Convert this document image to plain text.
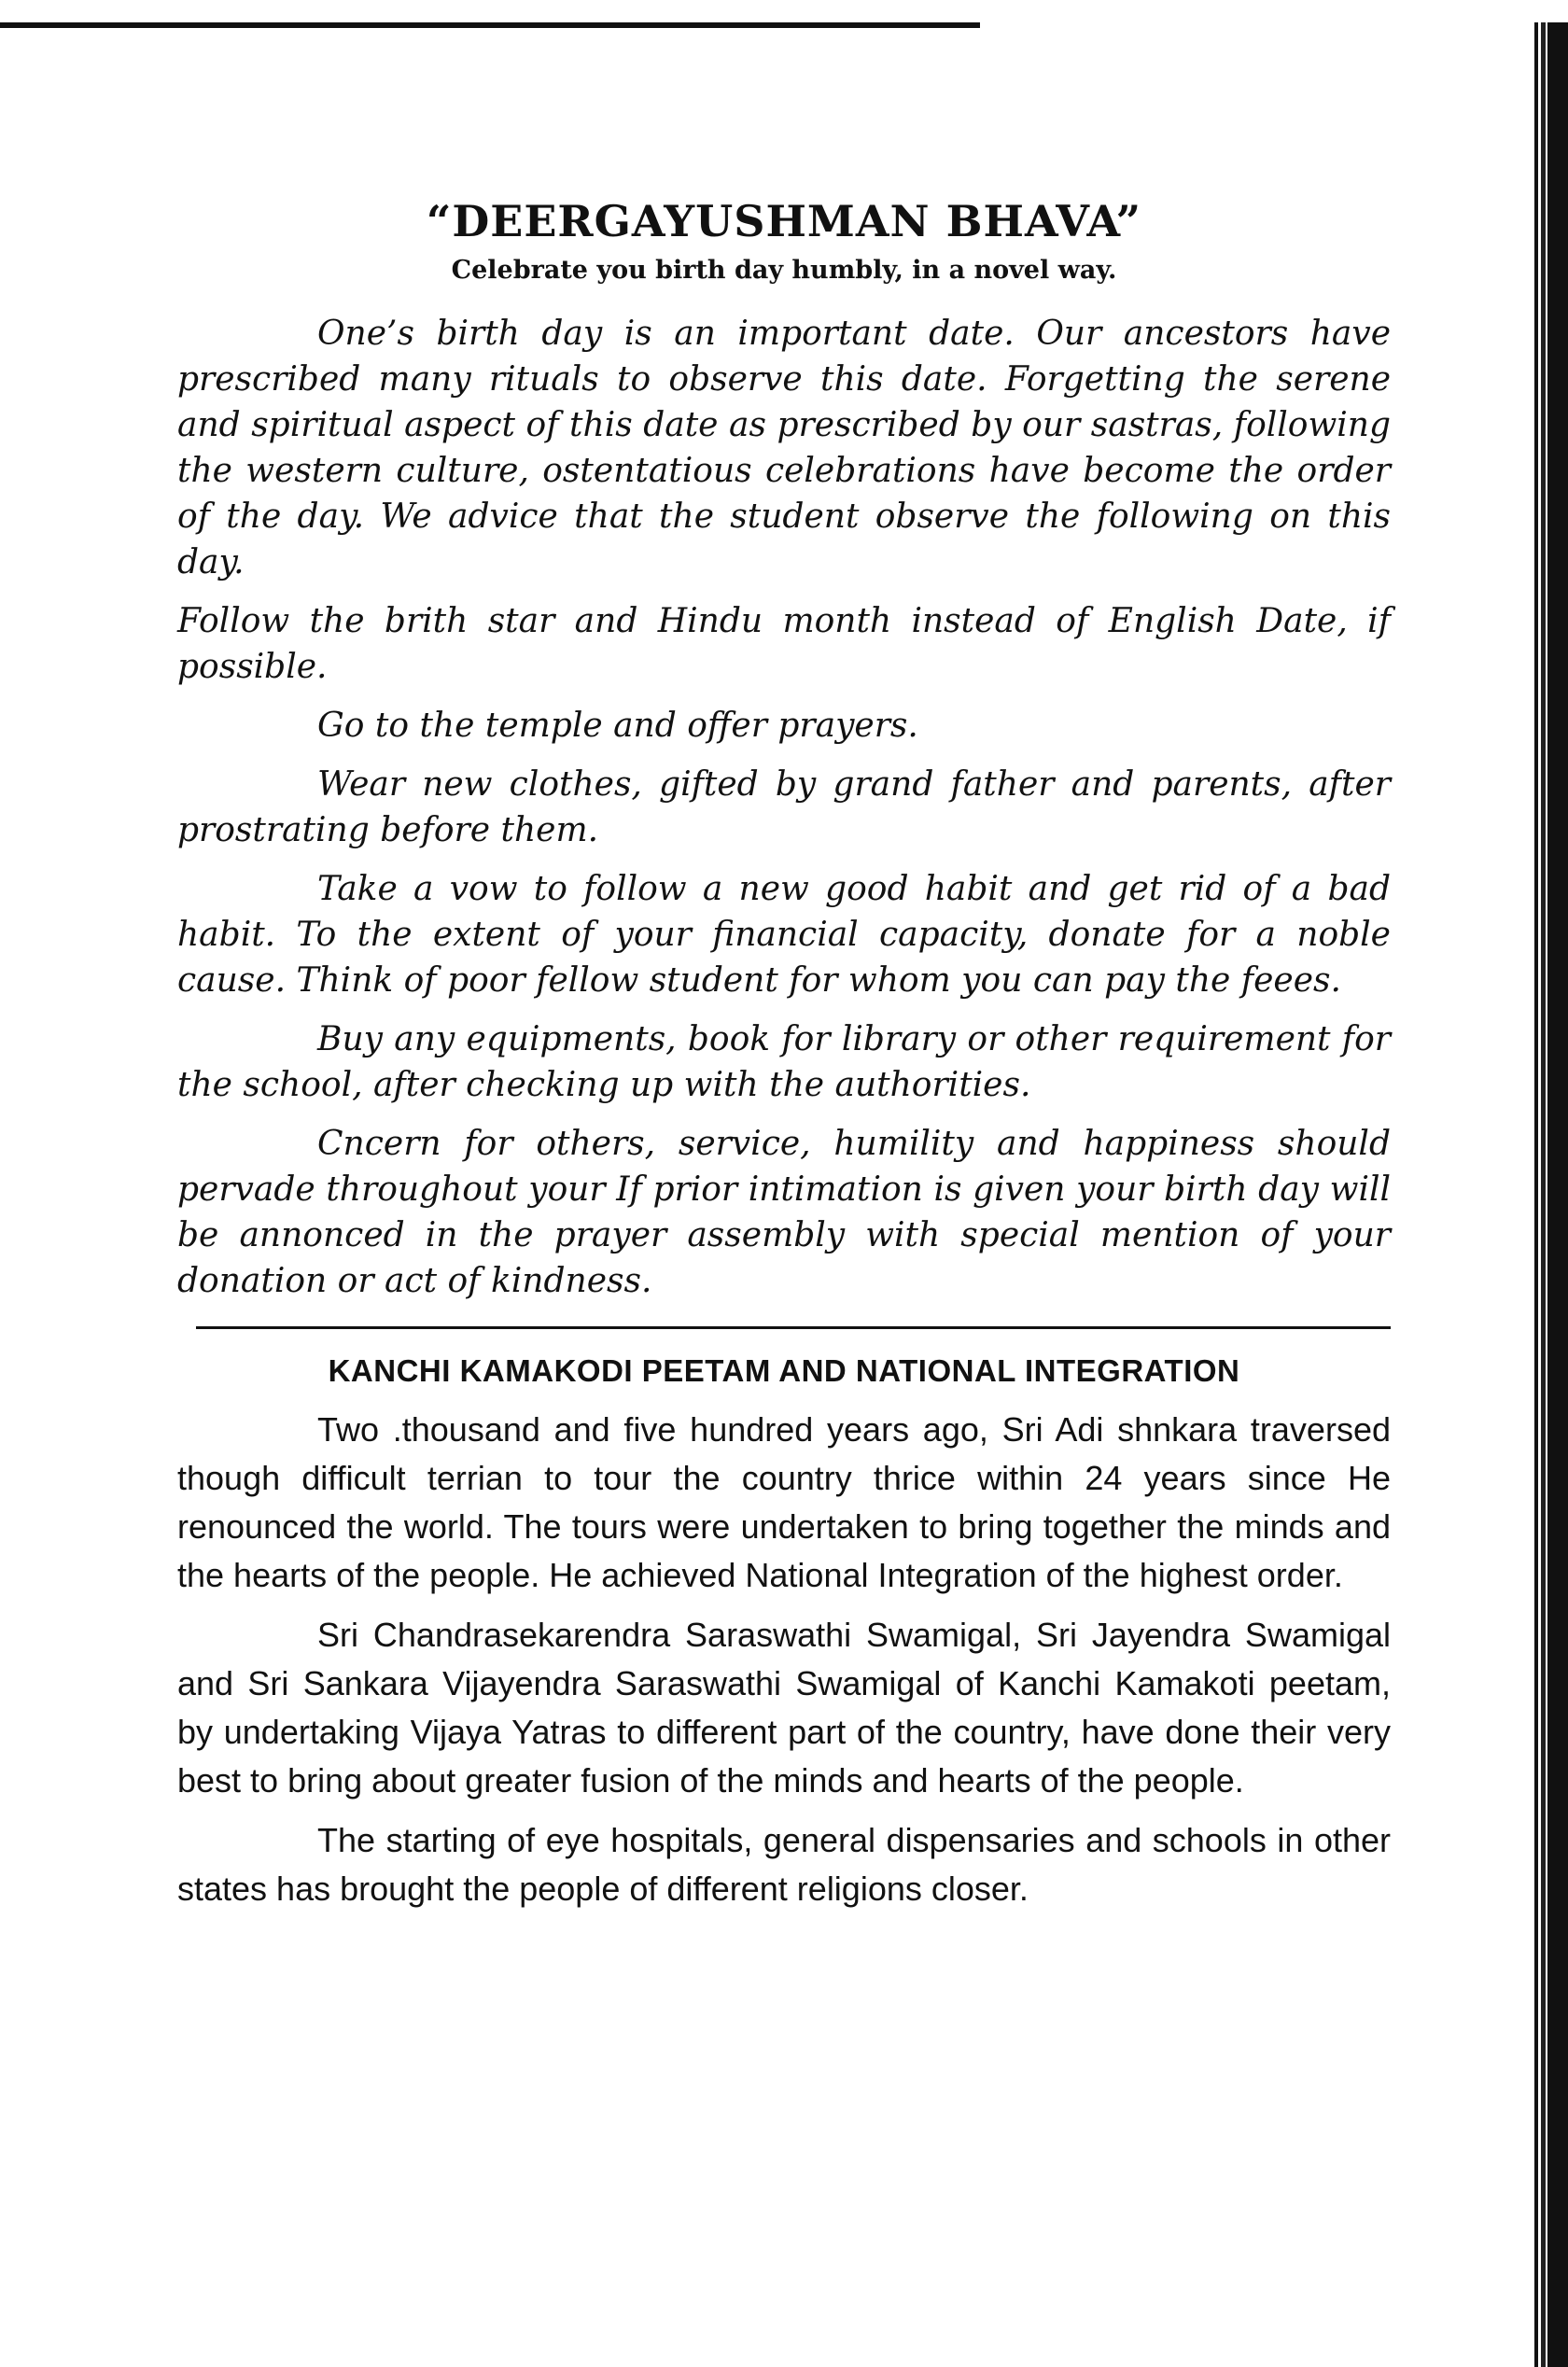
“DEERGAYUSHMAN BHAVA”
Celebrate you birth day humbly, in a novel way.

One’s birth day is an important date. Our ancestors have prescribed many rituals to observe this date. Forgetting the serene and spiritual aspect of this date as prescribed by our sastras, following the western culture, ostentatious celebrations have become the order of the day. We advice that the student observe the following on this day.

Follow the brith star and Hindu month instead of English Date, if possible.

Go to the temple and offer prayers.

Wear new clothes, gifted by grand father and parents, after prostrating before them.

Take a vow to follow a new good habit and get rid of a bad habit. To the extent of your financial capacity, donate for a noble cause. Think of poor fellow student for whom you can pay the feees.

Buy any equipments, book for library or other requirement for the school, after checking up with the authorities.

Cncern for others, service, humility and happiness should pervade throughout your If prior intimation is given your birth day will be annonced in the prayer assembly with special mention of your donation or act of kindness.

KANCHI KAMAKODI PEETAM AND NATIONAL INTEGRATION

Two .thousand and five hundred years ago, Sri Adi shnkara traversed though difficult terrian to tour the country thrice within 24 years since He renounced the world. The tours were undertaken to bring together the minds and the hearts of the people. He achieved National Integration of the highest order.

Sri Chandrasekarendra Saraswathi Swamigal, Sri Jayendra Swamigal and Sri Sankara Vijayendra Saraswathi Swamigal of Kanchi Kamakoti peetam, by undertaking Vijaya Yatras to different part of the country, have done their very best to bring about greater fusion of the minds and hearts of the people.

The starting of eye hospitals, general dispensaries and schools in other states has brought the people of different religions closer.
